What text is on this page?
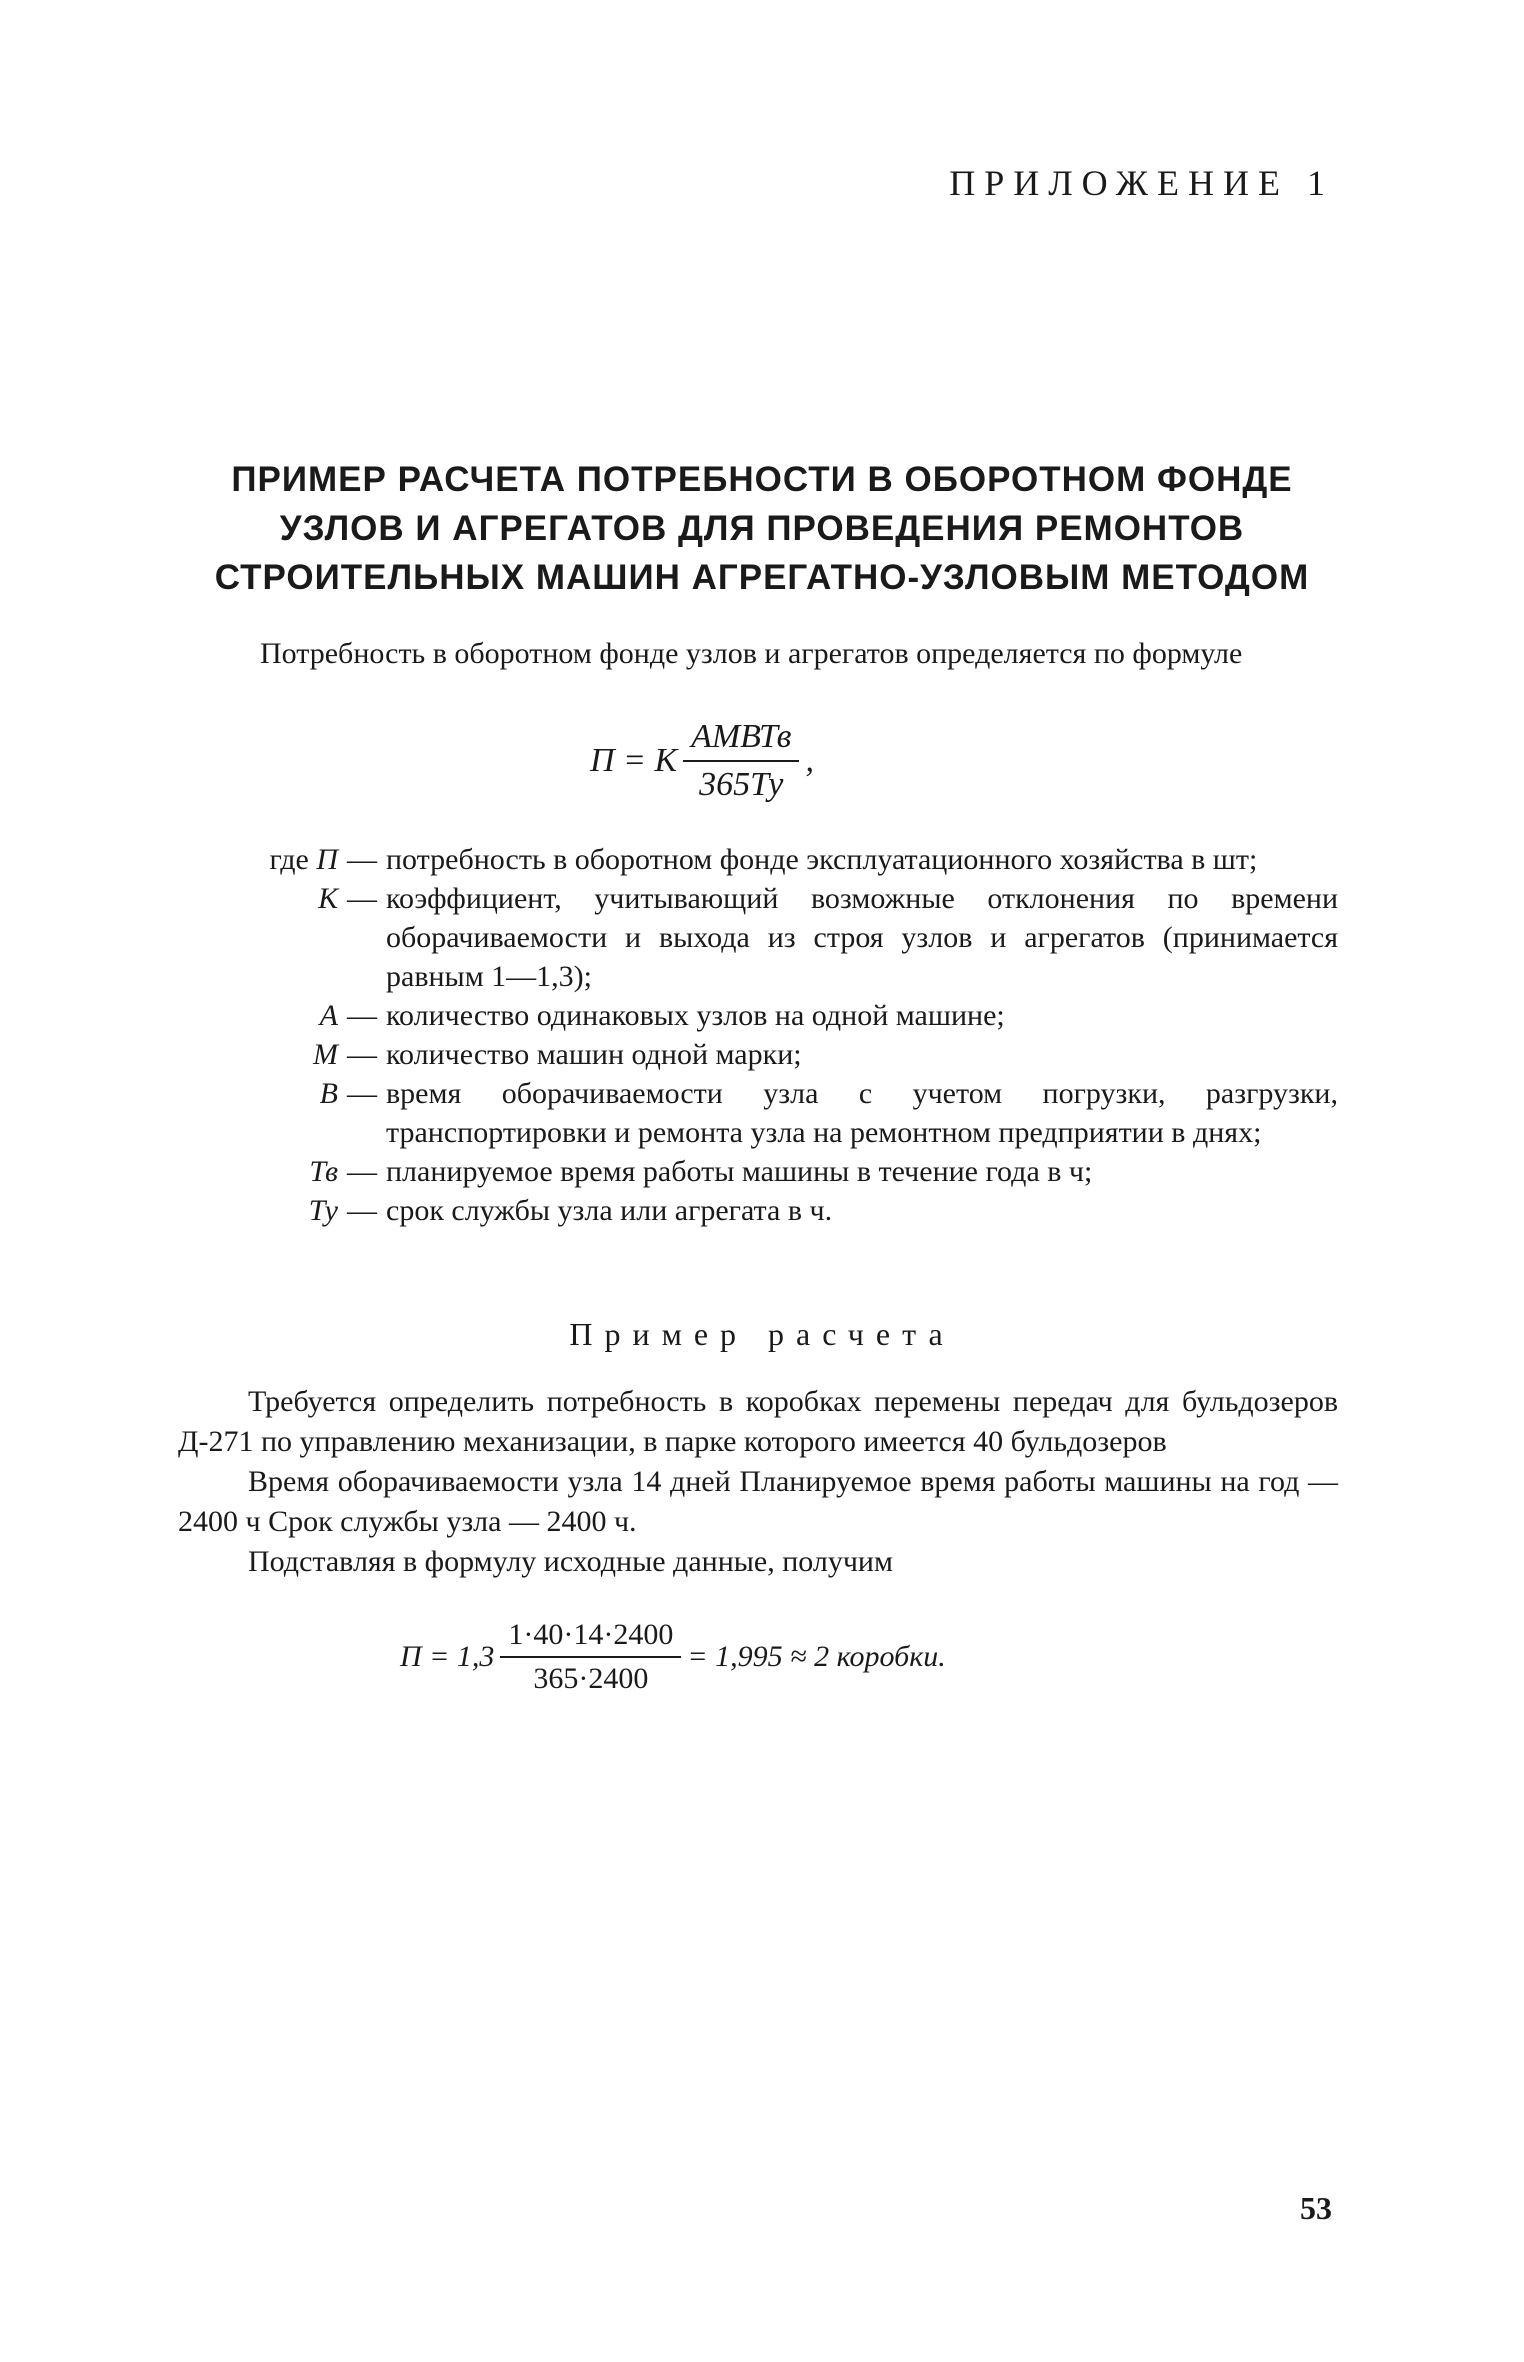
ПРИЛОЖЕНИЕ 1
ПРИМЕР РАСЧЕТА ПОТРЕБНОСТИ В ОБОРОТНОМ ФОНДЕ
УЗЛОВ И АГРЕГАТОВ ДЛЯ ПРОВЕДЕНИЯ РЕМОНТОВ
СТРОИТЕЛЬНЫХ МАШИН АГРЕГАТНО-УЗЛОВЫМ МЕТОДОМ
Потребность в оборотном фонде узлов и агрегатов определяется по формуле
П = К $\frac{\text{АМВТв}}{365Ту}$ ,
где П — потребность в оборотном фонде эксплуатационного хозяйства в шт;
К — коэффициент, учитывающий возможные отклонения по времени оборачиваемости и выхода из строя узлов и агрегатов (принимается равным 1—1,3);
А — количество одинаковых узлов на одной машине;
М — количество машин одной марки;
В — время оборачиваемости узла с учетом погрузки, разгрузки, транспортировки и ремонта узла на ремонтном предприятии в днях;
Тв — планируемое время работы машины в течение года в ч;
Ту — срок службы узла или агрегата в ч.
Пример расчета

Требуется определить потребность в коробках перемены передач для бульдозеров Д-271 по управлению механизации, в парке которого имеется 40 бульдозеров

Время оборачиваемости узла 14 дней Планируемое время работы машины на год — 2400 ч Срок службы узла — 2400 ч.

Подставляя в формулу исходные данные, получим

$П = 1,3 \frac{1\cdot 40\cdot 14\cdot 2400}{365\cdot 2400} = 1,995 \approx 2$ коробки.
53
